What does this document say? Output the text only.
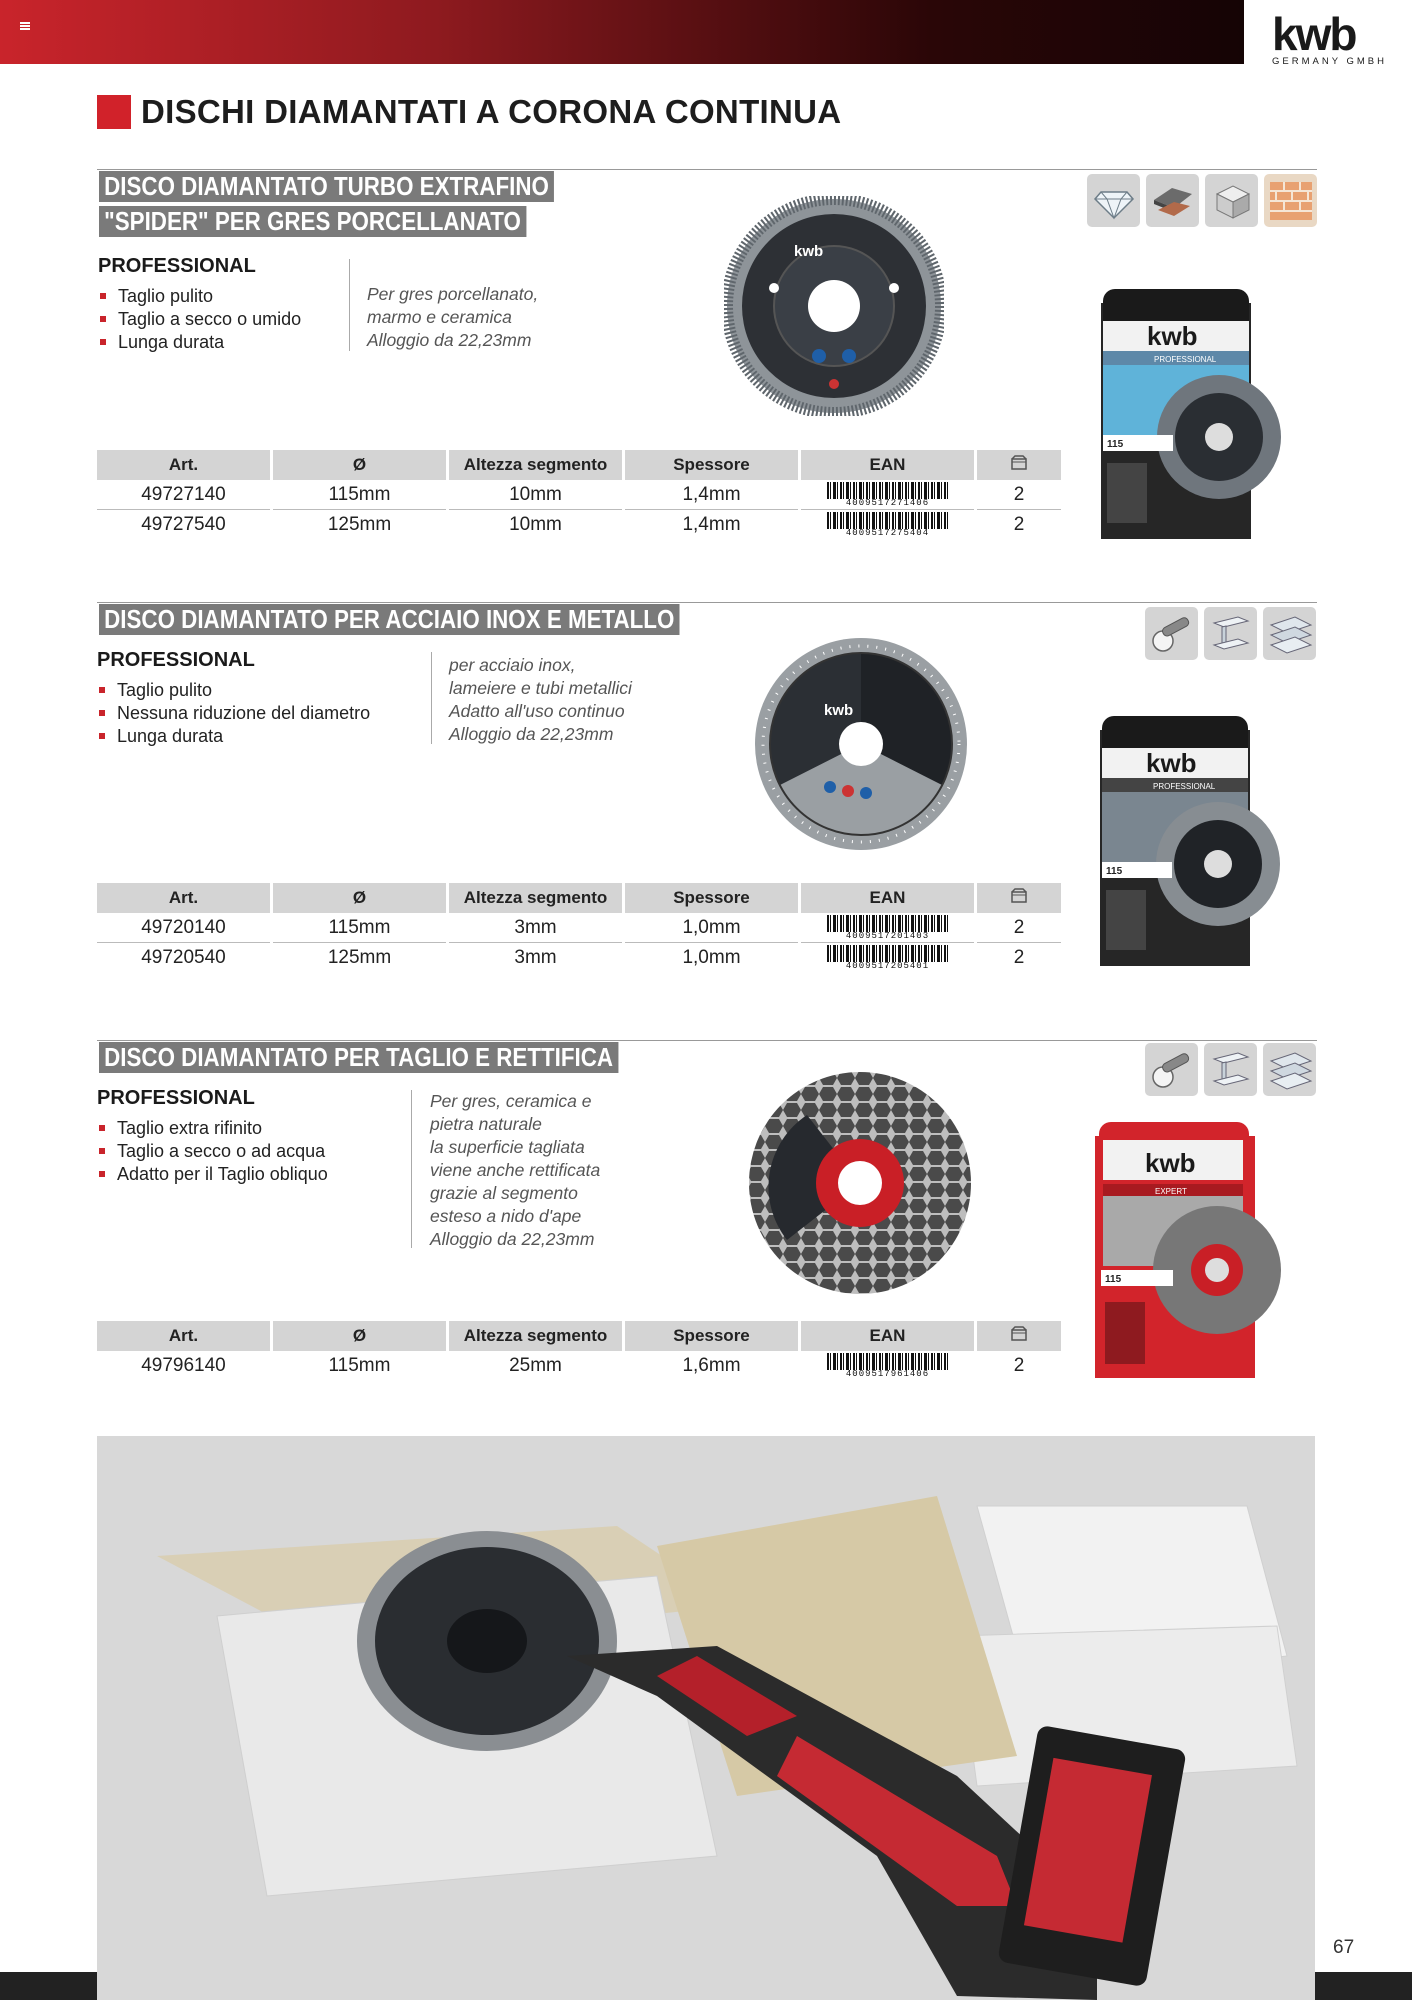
kwb
GERMANY GMBH
DISCHI DIAMANTATI A CORONA CONTINUA
DISCO DIAMANTATO TURBO EXTRAFINO
"SPIDER" PER GRES PORCELLANATO
PROFESSIONAL
Taglio pulito
Taglio a secco o umido
Lunga durata
Per gres porcellanato,
marmo e ceramica
Alloggio da 22,23mm
kwb
kwb
PROFESSIONAL
115
Art.	Ø	Altezza segmento	Spessore	EAN	
49727140	115mm	10mm	1,4mm	4009517271406	2
49727540	125mm	10mm	1,4mm	4009517275404	2
DISCO DIAMANTATO PER ACCIAIO INOX E METALLO
PROFESSIONAL
Taglio pulito
Nessuna riduzione del diametro
Lunga durata
per acciaio inox,
lameiere e tubi metallici
Adatto all'uso continuo
Alloggio da 22,23mm
kwb
kwb
PROFESSIONAL
115
Art.	Ø	Altezza segmento	Spessore	EAN	
49720140	115mm	3mm	1,0mm	4009517201403	2
49720540	125mm	3mm	1,0mm	4009517205401	2
DISCO DIAMANTATO PER TAGLIO E RETTIFICA
PROFESSIONAL
Taglio extra rifinito
Taglio a secco o ad acqua
Adatto per il Taglio obliquo
Per gres, ceramica e
pietra naturale
la superficie tagliata
viene anche rettificata
grazie al segmento
esteso a nido d'ape
Alloggio da 22,23mm
kwb
EXPERT
115
Art.	Ø	Altezza segmento	Spessore	EAN	
49796140	115mm	25mm	1,6mm	4009517961406	2
67
